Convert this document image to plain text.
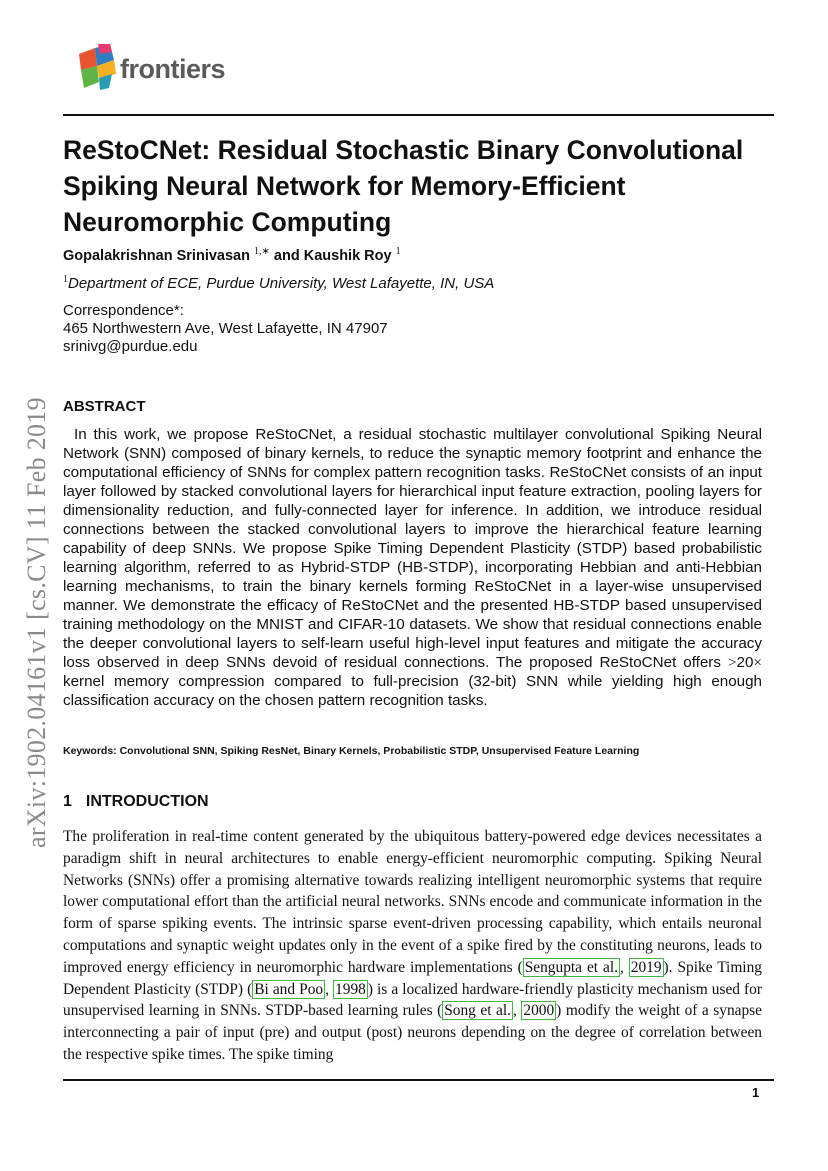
frontiers
arXiv:1902.04161v1 [cs.CV] 11 Feb 2019
ReStoCNet: Residual Stochastic Binary Convolutional Spiking Neural Network for Memory-Efficient Neuromorphic Computing
Gopalakrishnan Srinivasan $^{1,∗}$ and Kaushik Roy $^1$
$^1$Department of ECE, Purdue University, West Lafayette, IN, USA
Correspondence*:
465 Northwestern Ave, West Lafayette, IN 47907
srinivg@purdue.edu
ABSTRACT

In this work, we propose ReStoCNet, a residual stochastic multilayer convolutional Spiking Neural Network (SNN) composed of binary kernels, to reduce the synaptic memory footprint and enhance the computational efficiency of SNNs for complex pattern recognition tasks. ReStoCNet consists of an input layer followed by stacked convolutional layers for hierarchical input feature extraction, pooling layers for dimensionality reduction, and fully-connected layer for inference. In addition, we introduce residual connections between the stacked convolutional layers to improve the hierarchical feature learning capability of deep SNNs. We propose Spike Timing Dependent Plasticity (STDP) based probabilistic learning algorithm, referred to as Hybrid-STDP (HB-STDP), incorporating Hebbian and anti-Hebbian learning mechanisms, to train the binary kernels forming ReStoCNet in a layer-wise unsupervised manner. We demonstrate the efficacy of ReStoCNet and the presented HB-STDP based unsupervised training methodology on the MNIST and CIFAR-10 datasets. We show that residual connections enable the deeper convolutional layers to self-learn useful high-level input features and mitigate the accuracy loss observed in deep SNNs devoid of residual connections. The proposed ReStoCNet offers >20× kernel memory compression compared to full-precision (32-bit) SNN while yielding high enough classification accuracy on the chosen pattern recognition tasks.

Keywords: Convolutional SNN, Spiking ResNet, Binary Kernels, Probabilistic STDP, Unsupervised Feature Learning
1 INTRODUCTION

The proliferation in real-time content generated by the ubiquitous battery-powered edge devices necessitates a paradigm shift in neural architectures to enable energy-efficient neuromorphic computing. Spiking Neural Networks (SNNs) offer a promising alternative towards realizing intelligent neuromorphic systems that require lower computational effort than the artificial neural networks. SNNs encode and communicate information in the form of sparse spiking events. The intrinsic sparse event-driven processing capability, which entails neuronal computations and synaptic weight updates only in the event of a spike fired by the constituting neurons, leads to improved energy efficiency in neuromorphic hardware implementations ( Sengupta et al. , 2019 ). Spike Timing Dependent Plasticity (STDP) ( Bi and Poo , 1998 ) is a localized hardware-friendly plasticity mechanism used for unsupervised learning in SNNs. STDP-based learning rules ( Song et al. , 2000 ) modify the weight of a synapse interconnecting a pair of input (pre) and output (post) neurons depending on the degree of correlation between the respective spike times. The spike timing

1
